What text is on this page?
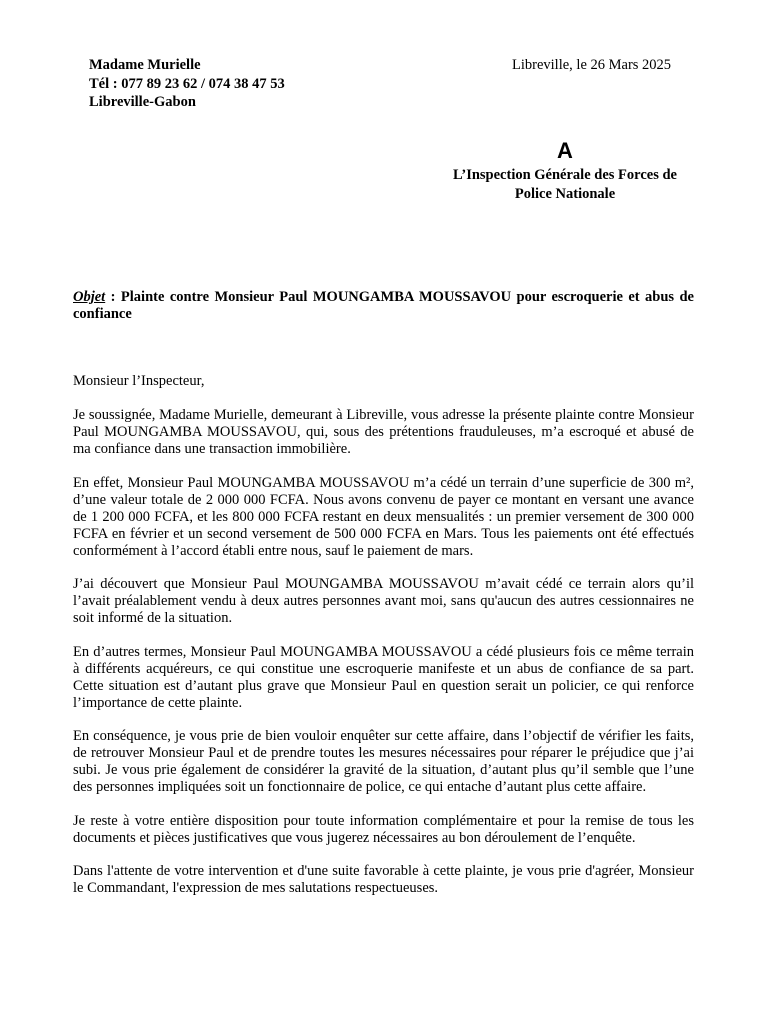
Madame Murielle
Tél : 077 89 23 62 / 074 38 47 53
Libreville-Gabon
Libreville, le 26 Mars 2025
A
L’Inspection Générale des Forces de
Police Nationale
Objet : Plainte contre Monsieur Paul MOUNGAMBA MOUSSAVOU pour escroquerie et abus de confiance

Monsieur l’Inspecteur,

Je soussignée, Madame Murielle, demeurant à Libreville, vous adresse la présente plainte contre Monsieur Paul MOUNGAMBA MOUSSAVOU, qui, sous des prétentions frauduleuses, m’a escroqué et abusé de ma confiance dans une transaction immobilière.

En effet, Monsieur Paul MOUNGAMBA MOUSSAVOU m’a cédé un terrain d’une superficie de 300 m², d’une valeur totale de 2 000 000 FCFA. Nous avons convenu de payer ce montant en versant une avance de 1 200 000 FCFA, et les 800 000 FCFA restant en deux mensualités : un premier versement de 300 000 FCFA en février et un second versement de 500 000 FCFA en Mars. Tous les paiements ont été effectués conformément à l’accord établi entre nous, sauf le paiement de mars.

J’ai découvert que Monsieur Paul MOUNGAMBA MOUSSAVOU m’avait cédé ce terrain alors qu’il l’avait préalablement vendu à deux autres personnes avant moi, sans qu'aucun des autres cessionnaires ne soit informé de la situation.

En d’autres termes, Monsieur Paul MOUNGAMBA MOUSSAVOU a cédé plusieurs fois ce même terrain à différents acquéreurs, ce qui constitue une escroquerie manifeste et un abus de confiance de sa part. Cette situation est d’autant plus grave que Monsieur Paul en question serait un policier, ce qui renforce l’importance de cette plainte.

En conséquence, je vous prie de bien vouloir enquêter sur cette affaire, dans l’objectif de vérifier les faits, de retrouver Monsieur Paul et de prendre toutes les mesures nécessaires pour réparer le préjudice que j’ai subi. Je vous prie également de considérer la gravité de la situation, d’autant plus qu’il semble que l’une des personnes impliquées soit un fonctionnaire de police, ce qui entache d’autant plus cette affaire.

Je reste à votre entière disposition pour toute information complémentaire et pour la remise de tous les documents et pièces justificatives que vous jugerez nécessaires au bon déroulement de l’enquête.

Dans l'attente de votre intervention et d'une suite favorable à cette plainte, je vous prie d'agréer, Monsieur le Commandant, l'expression de mes salutations respectueuses.
